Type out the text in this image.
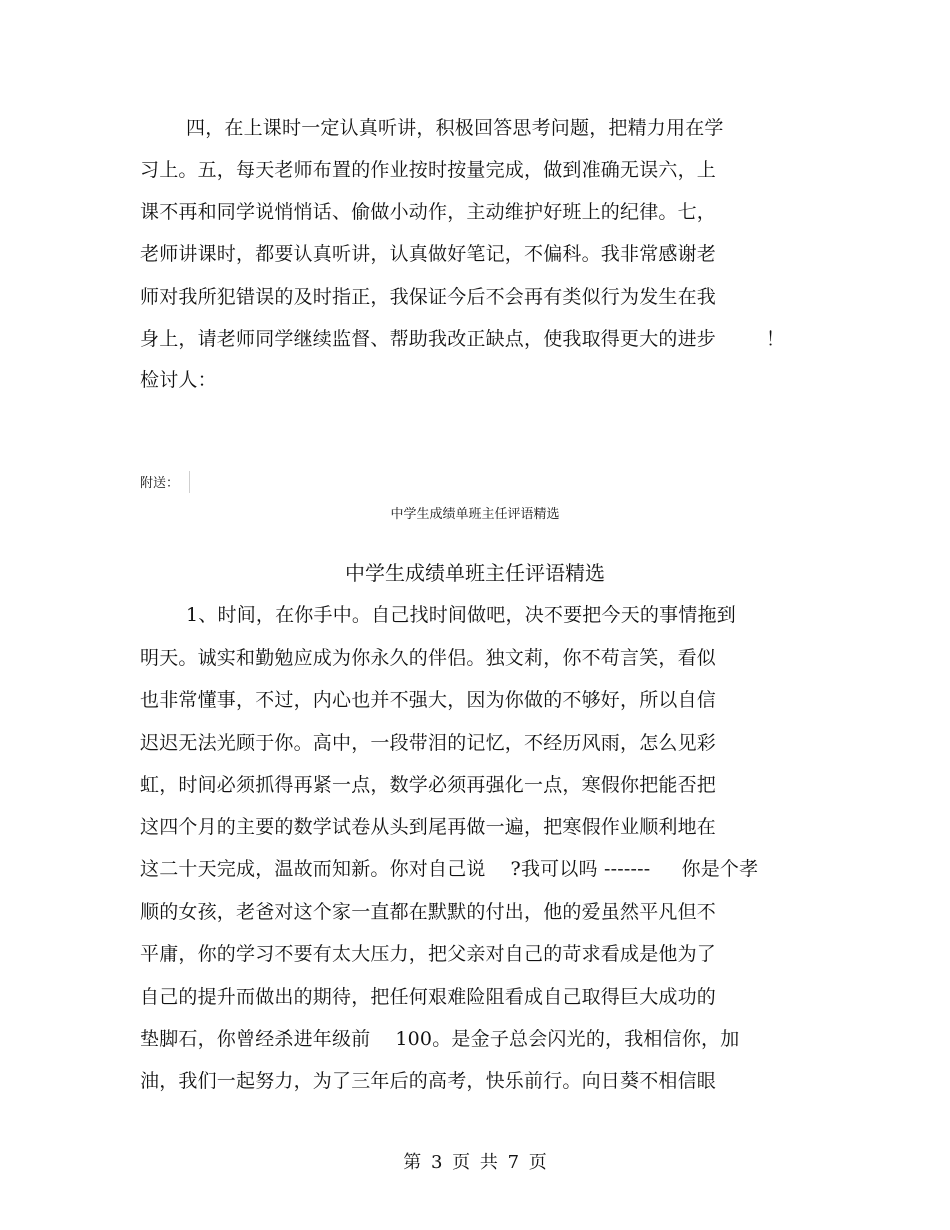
四，在上课时一定认真听讲，积极回答思考问题，把精力用在学
习上。五，每天老师布置的作业按时按量完成，做到准确无误六，上
课不再和同学说悄悄话、偷做小动作，主动维护好班上的纪律。七，
老师讲课时，都要认真听讲，认真做好笔记，不偏科。我非常感谢老
师对我所犯错误的及时指正，我保证今后不会再有类似行为发生在我
身上，请老师同学继续监督、帮助我改正缺点，使我取得更大的进步        ！
检讨人：
附送：
中学生成绩单班主任评语精选
中学生成绩单班主任评语精选
1、时间，在你手中。自己找时间做吧，决不要把今天的事情拖到
明天。诚实和勤勉应成为你永久的伴侣。独文莉，你不苟言笑，看似
也非常懂事，不过，内心也并不强大，因为你做的不够好，所以自信
迟迟无法光顾于你。高中，一段带泪的记忆，不经历风雨，怎么见彩
虹，时间必须抓得再紧一点，数学必须再强化一点，寒假你把能否把
这四个月的主要的数学试卷从头到尾再做一遍，把寒假作业顺利地在
这二十天完成，温故而知新。你对自己说    ?我可以吗 -------     你是个孝
顺的女孩，老爸对这个家一直都在默默的付出，他的爱虽然平凡但不
平庸，你的学习不要有太大压力，把父亲对自己的苛求看成是他为了
自己的提升而做出的期待，把任何艰难险阻看成自己取得巨大成功的
垫脚石，你曾经杀进年级前    100。是金子总会闪光的，我相信你，加
油，我们一起努力，为了三年后的高考，快乐前行。向日葵不相信眼
第 3 页 共 7 页
